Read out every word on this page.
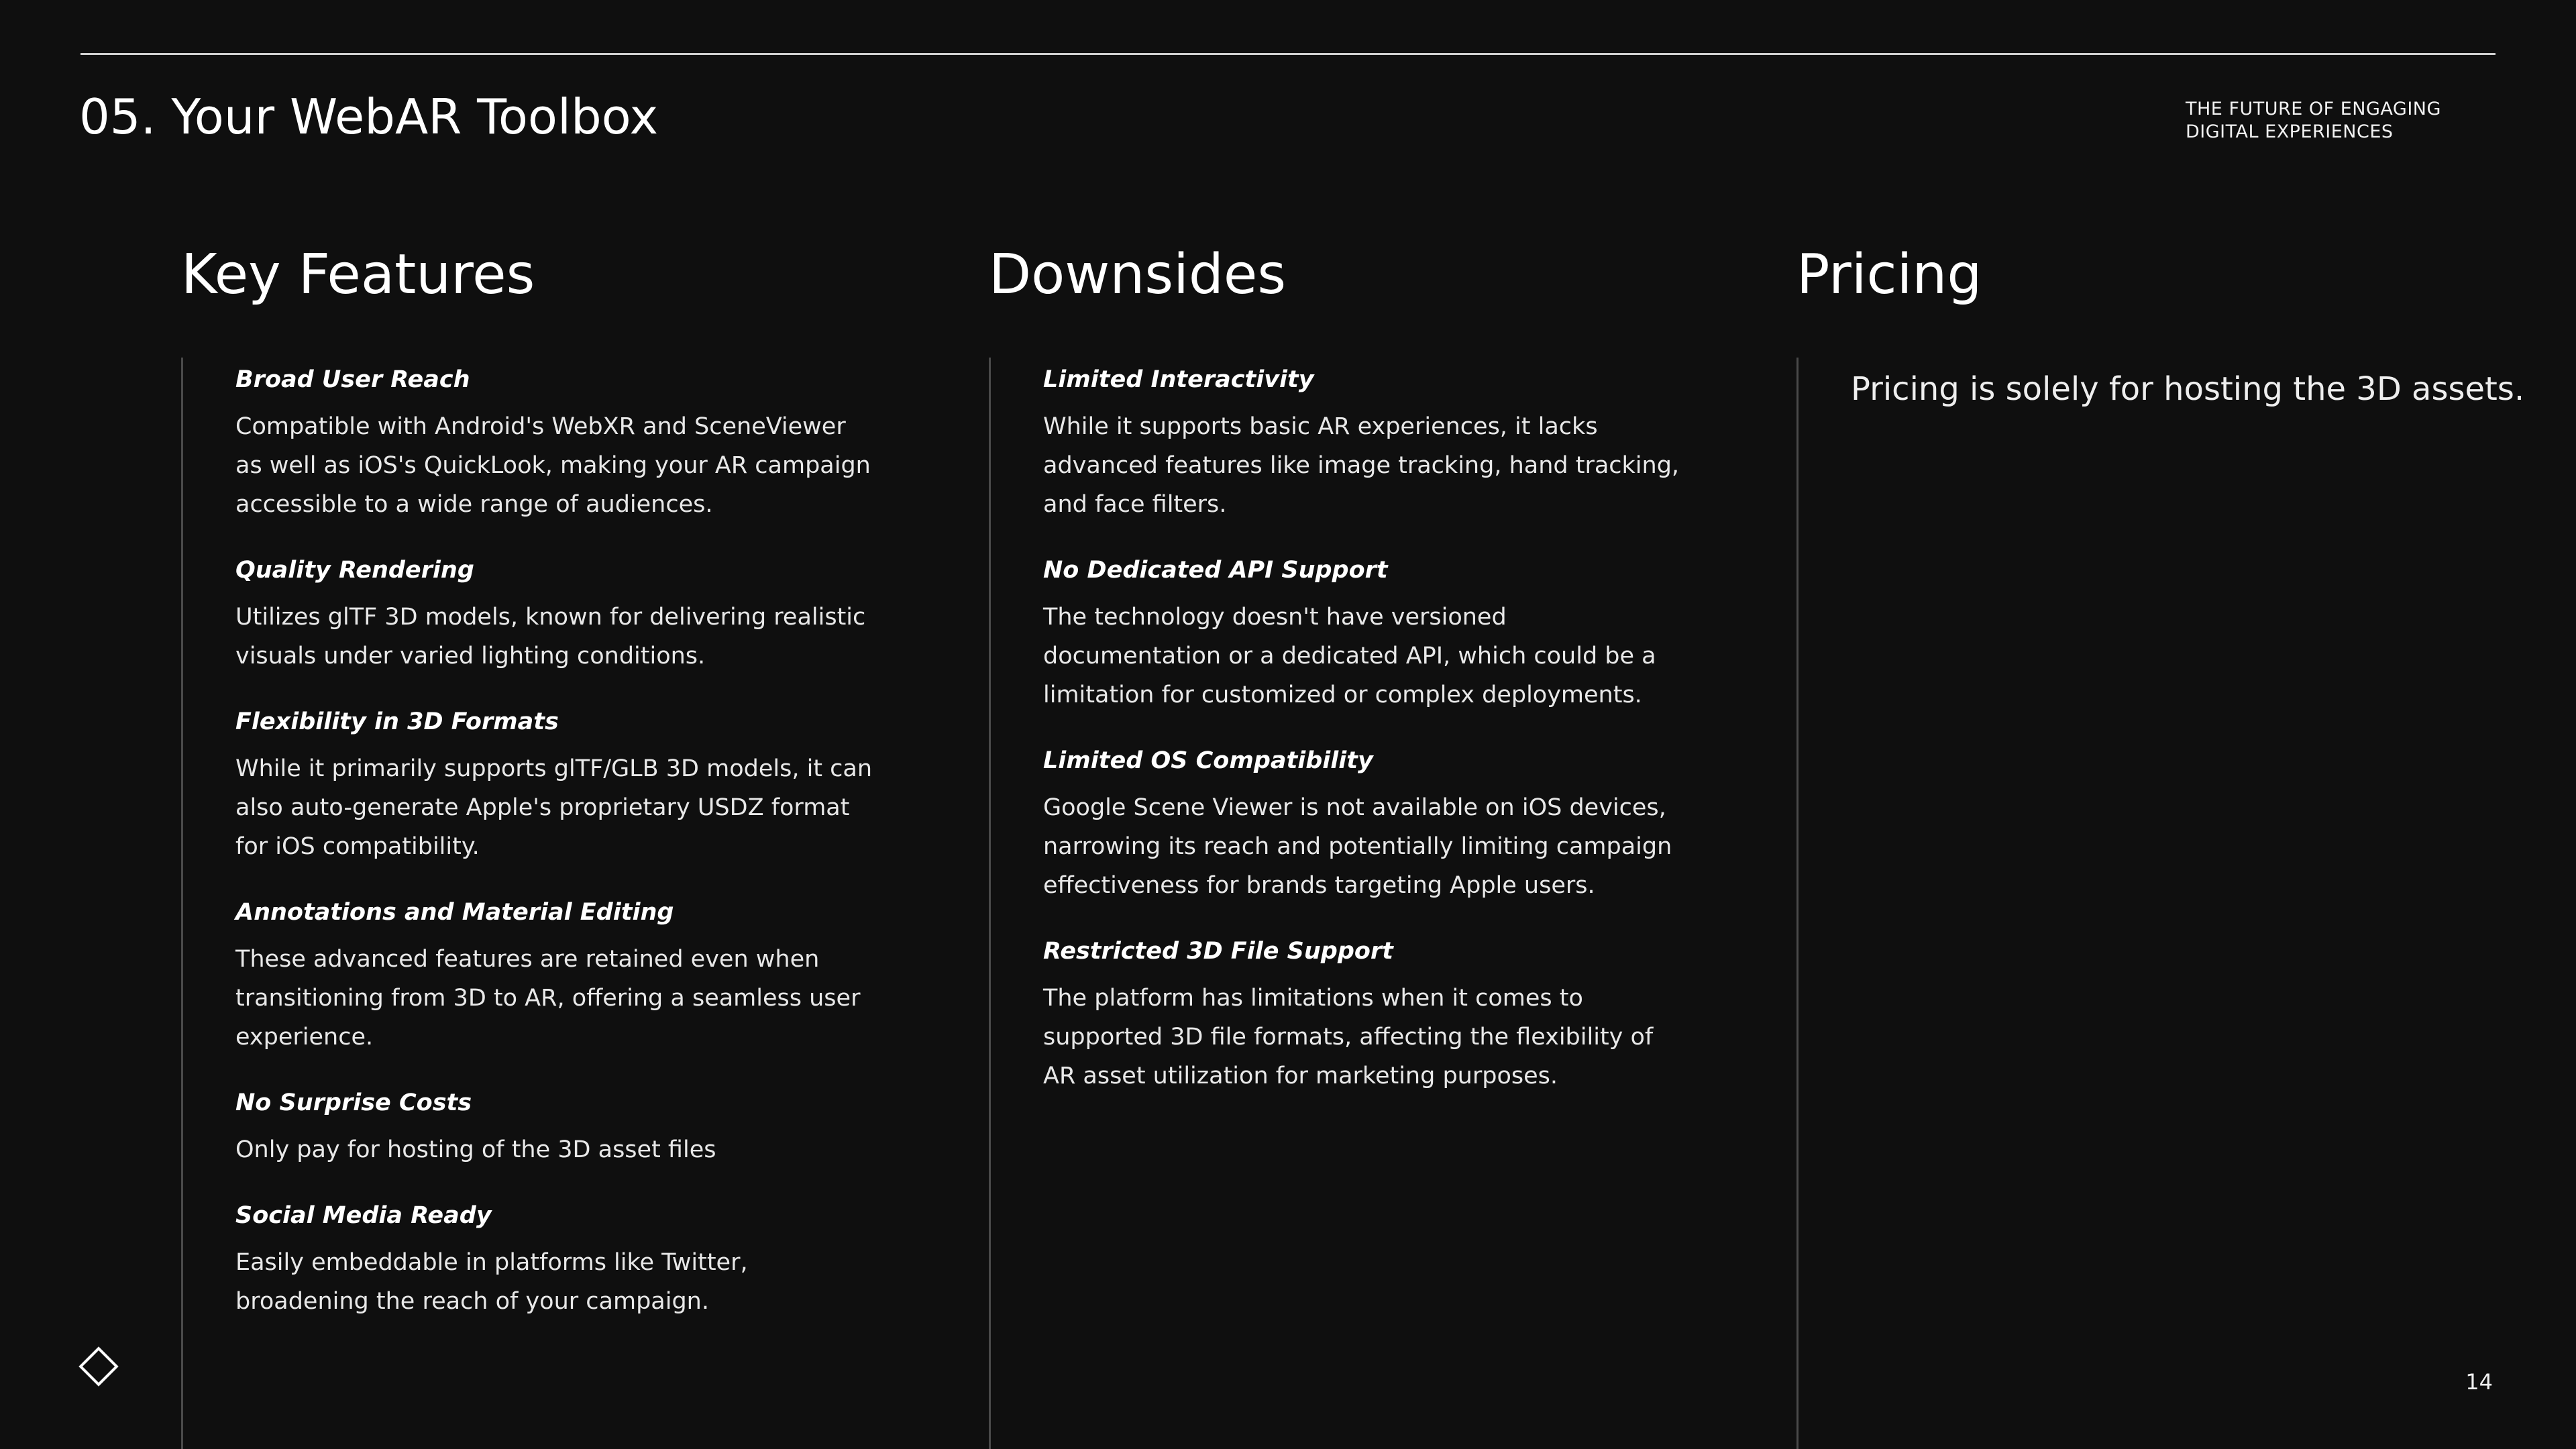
05. Your WebAR Toolbox	THE FUTURE OF ENGAGING
DIGITAL EXPERIENCES
Key Features

Broad User Reach

Compatible with Android's WebXR and SceneViewer as well as iOS's QuickLook, making your AR campaign accessible to a wide range of audiences.

Quality Rendering

Utilizes glTF 3D models, known for delivering realistic visuals under varied lighting conditions.

Flexibility in 3D Formats

While it primarily supports glTF/GLB 3D models, it can also auto-generate Apple's proprietary USDZ format for iOS compatibility.

Annotations and Material Editing

These advanced features are retained even when transitioning from 3D to AR, offering a seamless user experience.

No Surprise Costs

Only pay for hosting of the 3D asset files

Social Media Ready

Easily embeddable in platforms like Twitter, broadening the reach of your campaign.

Downsides

Limited Interactivity

While it supports basic AR experiences, it lacks advanced features like image tracking, hand tracking, and face filters.

No Dedicated API Support

The technology doesn't have versioned documentation or a dedicated API, which could be a limitation for customized or complex deployments.

Limited OS Compatibility

Google Scene Viewer is not available on iOS devices, narrowing its reach and potentially limiting campaign effectiveness for brands targeting Apple users.

Restricted 3D File Support

The platform has limitations when it comes to supported 3D file formats, affecting the flexibility of AR asset utilization for marketing purposes.

Pricing

Pricing is solely for hosting the 3D assets.

14
